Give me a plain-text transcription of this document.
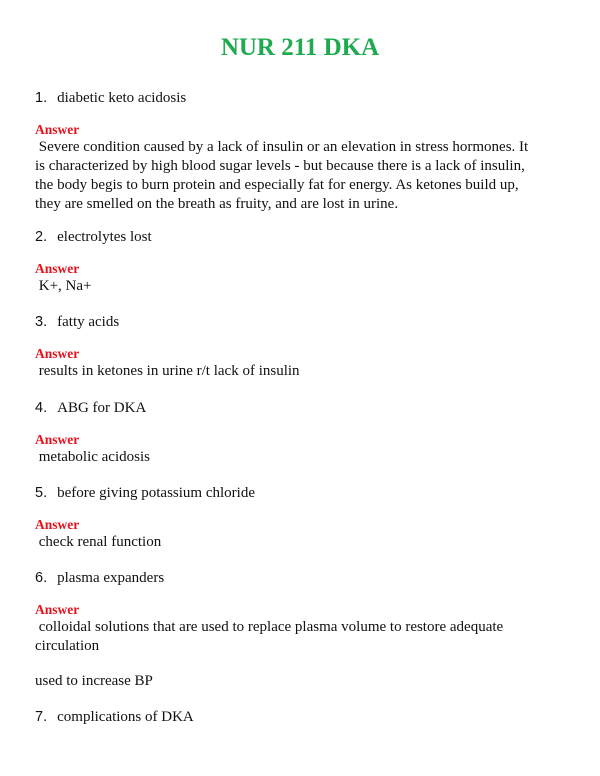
NUR 211 DKA
1. diabetic keto acidosis
Answer
Severe condition caused by a lack of insulin or an elevation in stress hormones. It
is characterized by high blood sugar levels - but because there is a lack of insulin,
the body begis to burn protein and especially fat for energy. As ketones build up,
they are smelled on the breath as fruity, and are lost in urine.
2. electrolytes lost
Answer
K+, Na+
3. fatty acids
Answer
results in ketones in urine r/t lack of insulin
4. ABG for DKA
Answer
metabolic acidosis
5. before giving potassium chloride
Answer
check renal function
6. plasma expanders
Answer
colloidal solutions that are used to replace plasma volume to restore adequate
circulation
used to increase BP
7. complications of DKA
